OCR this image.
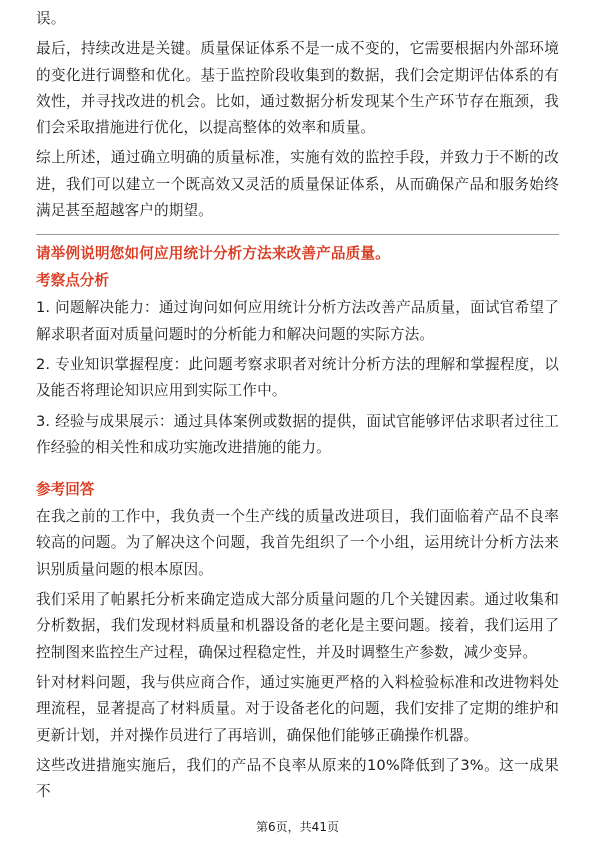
误。

最后，持续改进是关键。质量保证体系不是一成不变的，它需要根据内外部环境的变化进行调整和优化。基于监控阶段收集到的数据，我们会定期评估体系的有效性，并寻找改进的机会。比如，通过数据分析发现某个生产环节存在瓶颈，我们会采取措施进行优化，以提高整体的效率和质量。

综上所述，通过确立明确的质量标准，实施有效的监控手段，并致力于不断的改进，我们可以建立一个既高效又灵活的质量保证体系，从而确保产品和服务始终满足甚至超越客户的期望。

请举例说明您如何应用统计分析方法来改善产品质量。

考察点分析

1. 问题解决能力：通过询问如何应用统计分析方法改善产品质量，面试官希望了解求职者面对质量问题时的分析能力和解决问题的实际方法。

2. 专业知识掌握程度：此问题考察求职者对统计分析方法的理解和掌握程度，以及能否将理论知识应用到实际工作中。

3. 经验与成果展示：通过具体案例或数据的提供，面试官能够评估求职者过往工作经验的相关性和成功实施改进措施的能力。

参考回答

在我之前的工作中，我负责一个生产线的质量改进项目，我们面临着产品不良率较高的问题。为了解决这个问题，我首先组织了一个小组，运用统计分析方法来识别质量问题的根本原因。

我们采用了帕累托分析来确定造成大部分质量问题的几个关键因素。通过收集和分析数据，我们发现材料质量和机器设备的老化是主要问题。接着，我们运用了控制图来监控生产过程，确保过程稳定性，并及时调整生产参数，减少变异。

针对材料问题，我与供应商合作，通过实施更严格的入料检验标准和改进物料处理流程，显著提高了材料质量。对于设备老化的问题，我们安排了定期的维护和更新计划，并对操作员进行了再培训，确保他们能够正确操作机器。

这些改进措施实施后，我们的产品不良率从原来的10%降低到了3%。这一成果不

第6页，共41页
